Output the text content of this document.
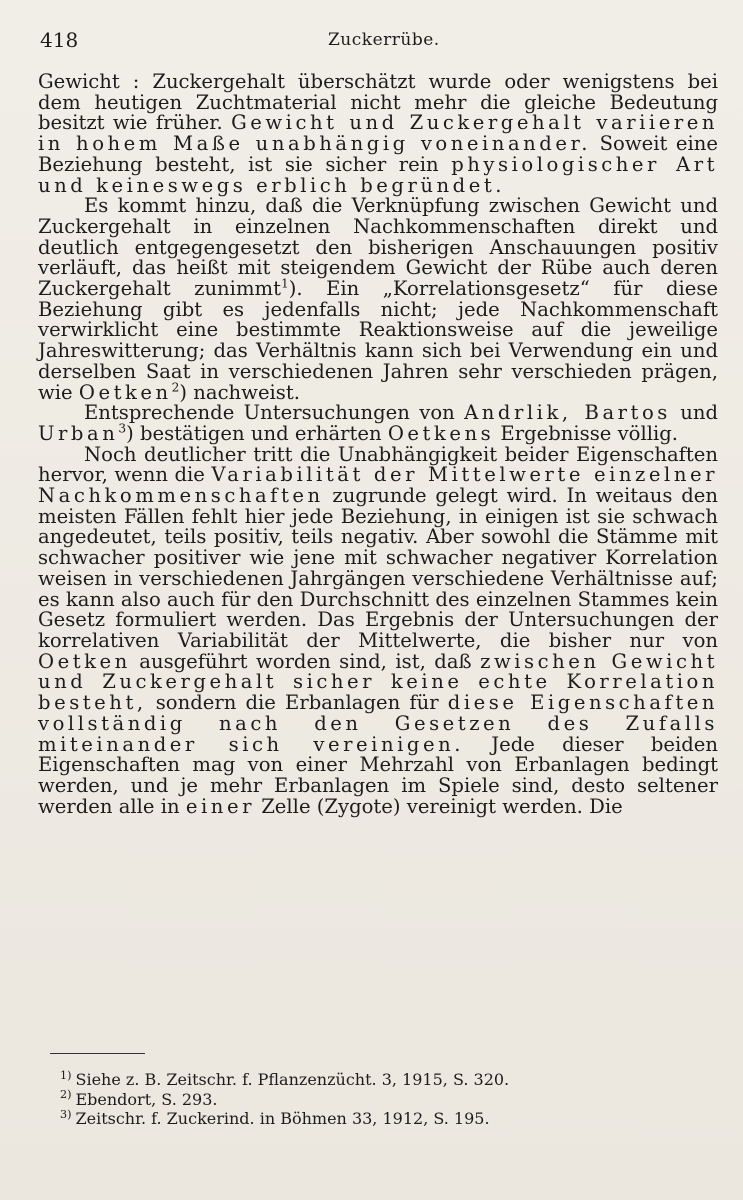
418	Zuckerrübe.

Gewicht : Zuckergehalt überschätzt wurde oder wenigstens bei dem heutigen Zuchtmaterial nicht mehr die gleiche Bedeutung besitzt wie früher. Gewicht und Zuckergehalt variieren in hohem Maße unabhängig voneinander. Soweit eine Beziehung besteht, ist sie sicher rein physiologischer Art und keineswegs erblich begründet.

Es kommt hinzu, daß die Verknüpfung zwischen Gewicht und Zuckergehalt in einzelnen Nachkommenschaften direkt und deutlich entgegengesetzt den bisherigen Anschauungen positiv verläuft, das heißt mit steigendem Gewicht der Rübe auch deren Zuckergehalt zunimmt$^1$). Ein „Korrelationsgesetz“ für diese Beziehung gibt es jedenfalls nicht; jede Nachkommenschaft verwirklicht eine bestimmte Reaktionsweise auf die jeweilige Jahreswitterung; das Verhältnis kann sich bei Verwendung ein und derselben Saat in verschiedenen Jahren sehr verschieden prägen, wie Oetken$^2$) nachweist.

Entsprechende Untersuchungen von Andrlik, Bartos und Urban$^3$) bestätigen und erhärten Oetkens Ergebnisse völlig.

Noch deutlicher tritt die Unabhängigkeit beider Eigenschaften hervor, wenn die Variabilität der Mittelwerte einzelner Nachkommenschaften zugrunde gelegt wird. In weitaus den meisten Fällen fehlt hier jede Beziehung, in einigen ist sie schwach angedeutet, teils positiv, teils negativ. Aber sowohl die Stämme mit schwacher positiver wie jene mit schwacher negativer Korrelation weisen in verschiedenen Jahrgängen verschiedene Verhältnisse auf; es kann also auch für den Durchschnitt des einzelnen Stammes kein Gesetz formuliert werden. Das Ergebnis der Untersuchungen der korrelativen Variabilität der Mittelwerte, die bisher nur von Oetken ausgeführt worden sind, ist, daß zwischen Gewicht und Zuckergehalt sicher keine echte Korrelation besteht, sondern die Erbanlagen für diese Eigenschaften vollständig nach den Gesetzen des Zufalls miteinander sich vereinigen. Jede dieser beiden Eigenschaften mag von einer Mehrzahl von Erbanlagen bedingt werden, und je mehr Erbanlagen im Spiele sind, desto seltener werden alle in einer Zelle (Zygote) vereinigt werden. Die

$^{1)}$ Siehe z. B. Zeitschr. f. Pflanzenzücht. 3, 1915, S. 320.
$^{2)}$ Ebendort, S. 293.
$^{3)}$ Zeitschr. f. Zuckerind. in Böhmen 33, 1912, S. 195.
